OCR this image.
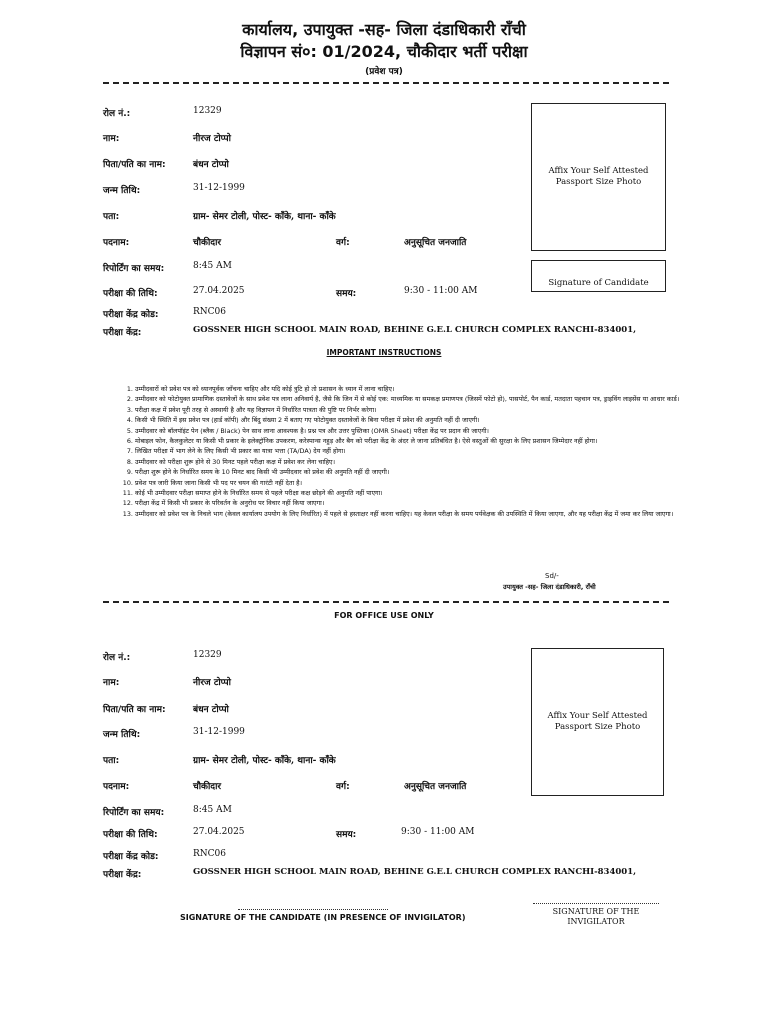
कार्यालय, उपायुक्त -सह- जिला दंडाधिकारी राँची
विज्ञापन सं०: 01/2024, चौकीदार भर्ती परीक्षा
(प्रवेश पत्र)
रोल नं.:	12329
नाम:	नीरज टोप्पो
पिता/पति का नाम:	बंधन टोप्पो
जन्म तिथि:	31-12-1999
पता:	ग्राम- सेमर टोली, पोस्ट- काँके, थाना- काँके
पदनाम:	चौकीदार	वर्ग:	अनुसूचित जनजाति
रिपोर्टिंग का समय:	8:45 AM
परीक्षा की तिथि:	27.04.2025	समय:	9:30 - 11:00 AM
परीक्षा केंद्र कोड:	RNC06
परीक्षा केंद्र:	GOSSNER HIGH SCHOOL MAIN ROAD, BEHINE G.E.L CHURCH COMPLEX RANCHI-834001,
Affix Your Self Attested Passport Size Photo
Signature of Candidate
IMPORTANT INSTRUCTIONS
1. उम्मीदवारों को प्रवेश पत्र को ध्यानपूर्वक जाँचना चाहिए और यदि कोई त्रुटि हो तो प्रशासन के ध्यान में लाना चाहिए।
2. उम्मीदवार को फोटोयुक्त प्रामाणिक दस्तावेजों के साथ प्रवेश पत्र लाना अनिवार्य है, जैसे कि जिन में से कोई एक: माध्यमिक या समकक्ष प्रमाणपत्र (जिसमें फोटो हो), पासपोर्ट, पैन कार्ड, मतदाता पहचान पत्र, ड्राइविंग लाइसेंस या आधार कार्ड।
3. परीक्षा कक्ष में प्रवेश पूरी तरह से अस्थायी है और यह विज्ञापन में निर्धारित पात्रता की पुष्टि पर निर्भर करेगा।
4. किसी भी स्थिति में इस प्रवेश पत्र (हार्ड कॉपी) और बिंदु संख्या 2 में बताए गए फोटोयुक्त दस्तावेजों के बिना परीक्षा में प्रवेश की अनुमति नहीं दी जाएगी।
5. उम्मीदवार को बॉलपॉइंट पेन (ब्लैक / Black) पेन साथ लाना आवश्यक है। प्रश्न पत्र और उत्तर पुस्तिका (OMR Sheet) परीक्षा केंद्र पर प्रदान की जाएगी।
6. मोबाइल फोन, कैलकुलेटर या किसी भी प्रकार के इलेक्ट्रॉनिक उपकरण, करेस्पान्स नहुड़ और बैग को परीक्षा केंद्र के अंदर ले जाना प्रतिबंधित है। ऐसे वस्तुओं की सुरक्षा के लिए प्रशासन जिम्मेदार नहीं होगा।
7. लिखित परीक्षा में भाग लेने के लिए किसी भी प्रकार का यात्रा भत्ता (TA/DA) देय नहीं होगा।
8. उम्मीदवार को परीक्षा शुरू होने से 30 मिनट पहले परीक्षा कक्ष में प्रवेश कर लेना चाहिए।
9. परीक्षा शुरू होने के निर्धारित समय के 10 मिनट बाद किसी भी उम्मीदवार को प्रवेश की अनुमति नहीं दी जाएगी।
10. प्रवेश पत्र जारी किया जाना किसी भी पद पर चयन की गारंटी नहीं देता है।
11. कोई भी उम्मीदवार परीक्षा समाप्त होने के निर्धारित समय से पहले परीक्षा कक्ष छोड़ने की अनुमति नहीं पाएगा।
12. परीक्षा केंद्र में किसी भी प्रकार के परिवर्तन के अनुरोध पर विचार नहीं किया जाएगा।
13. उम्मीदवार को प्रवेश पत्र के निचले भाग (केवल कार्यालय उपयोग के लिए निर्धारित) में पहले से हस्ताक्षर नहीं करना चाहिए। यह केवल परीक्षा के समय पर्यवेक्षक की उपस्थिति में किया जाएगा, और यह परीक्षा केंद्र में जमा कर लिया जाएगा।
Sd/-
उपायुक्त -सह- जिला दंडाधिकारी, राँची
FOR OFFICE USE ONLY
रोल नं.:	12329
नाम:	नीरज टोप्पो
पिता/पति का नाम:	बंधन टोप्पो
जन्म तिथि:	31-12-1999
पता:	ग्राम- सेमर टोली, पोस्ट- काँके, थाना- काँके
पदनाम:	चौकीदार	वर्ग:	अनुसूचित जनजाति
रिपोर्टिंग का समय:	8:45 AM
परीक्षा की तिथि:	27.04.2025	समय:	9:30 - 11:00 AM
परीक्षा केंद्र कोड:	RNC06
परीक्षा केंद्र:	GOSSNER HIGH SCHOOL MAIN ROAD, BEHINE G.E.L CHURCH COMPLEX RANCHI-834001,
Affix Your Self Attested Passport Size Photo
SIGNATURE OF THE CANDIDATE (IN PRESENCE OF INVIGILATOR)
SIGNATURE OF THE INVIGILATOR
